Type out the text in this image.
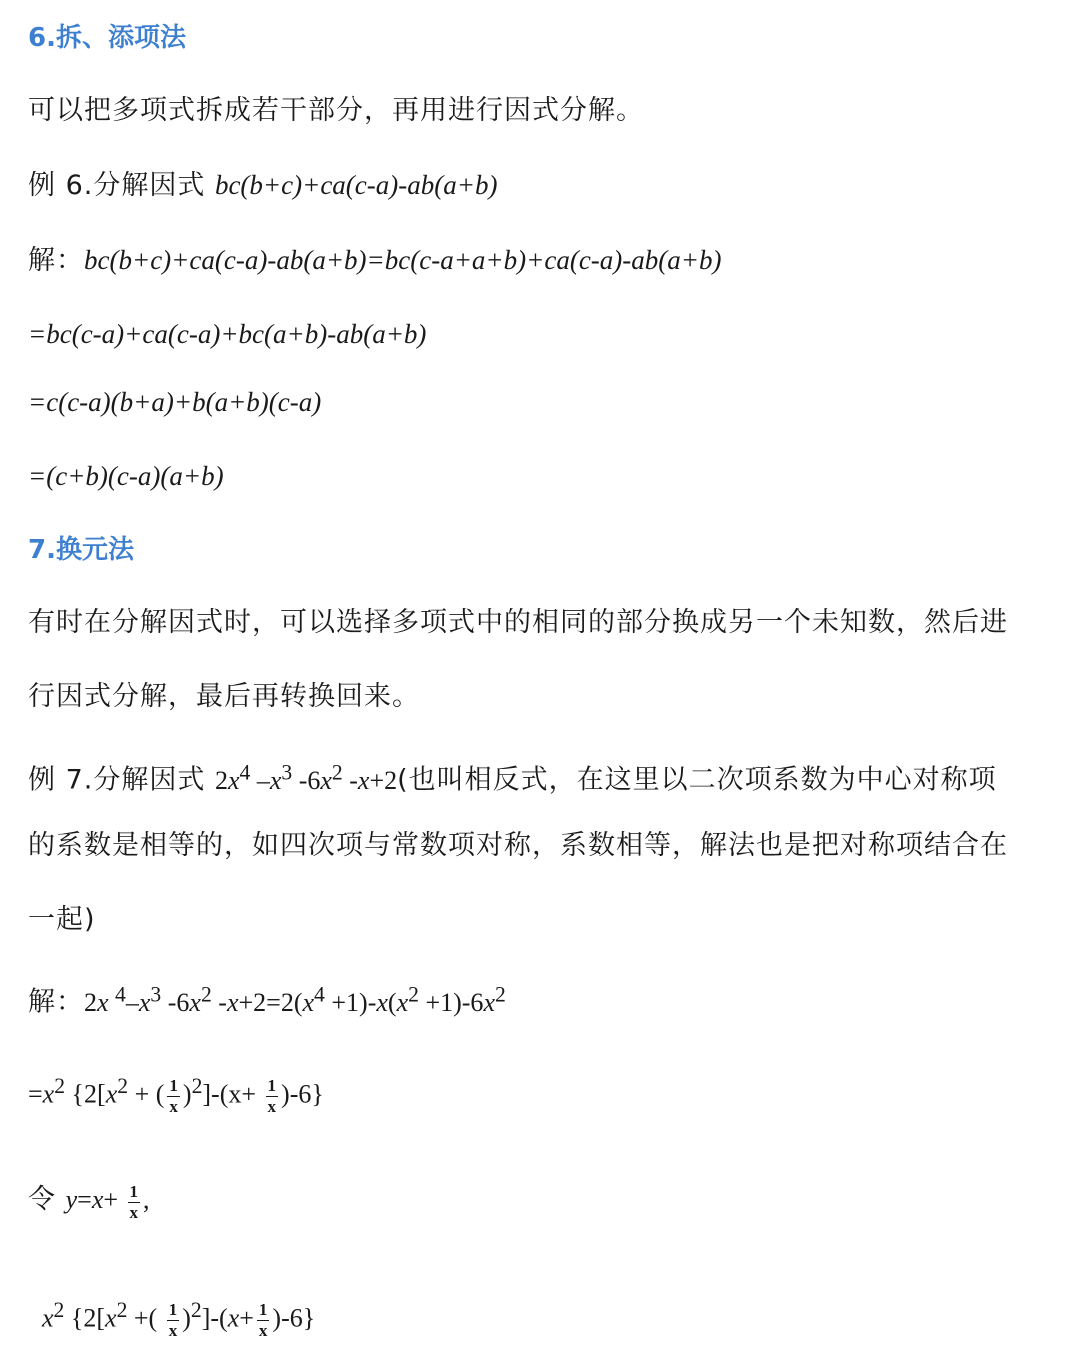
6.拆、添项法
可以把多项式拆成若干部分，再用进行因式分解。
例 6.分解因式 bc(b+c)+ca(c-a)-ab(a+b)
解：bc(b+c)+ca(c-a)-ab(a+b)=bc(c-a+a+b)+ca(c-a)-ab(a+b)
=bc(c-a)+ca(c-a)+bc(a+b)-ab(a+b)
=c(c-a)(b+a)+b(a+b)(c-a)
=(c+b)(c-a)(a+b)
7.换元法
有时在分解因式时，可以选择多项式中的相同的部分换成另一个未知数，然后进
行因式分解，最后再转换回来。
例 7.分解因式 $2x^4$ $-x^3$ $-6x^2$ -x+2(也叫相反式，在这里以二次项系数为中心对称项
的系数是相等的，如四次项与常数项对称，系数相等，解法也是把对称项结合在
一起)
解：2x $^4-x^3$ $-6x^2$ $-x+2=2(x^4 +1)-x(x^2 +1)-6x^2$
$=x^2$ {$2[x^2$ + ( $\frac{1}{x} )^2]-(x+ \frac{1}{x} )-6$}
令 $y=x+ \frac{1}{x}$ ,
$x^2$ {$2[x^2$ +( $\frac{1}{x} )^2]-(x+ \frac{1}{x} )-6$}
